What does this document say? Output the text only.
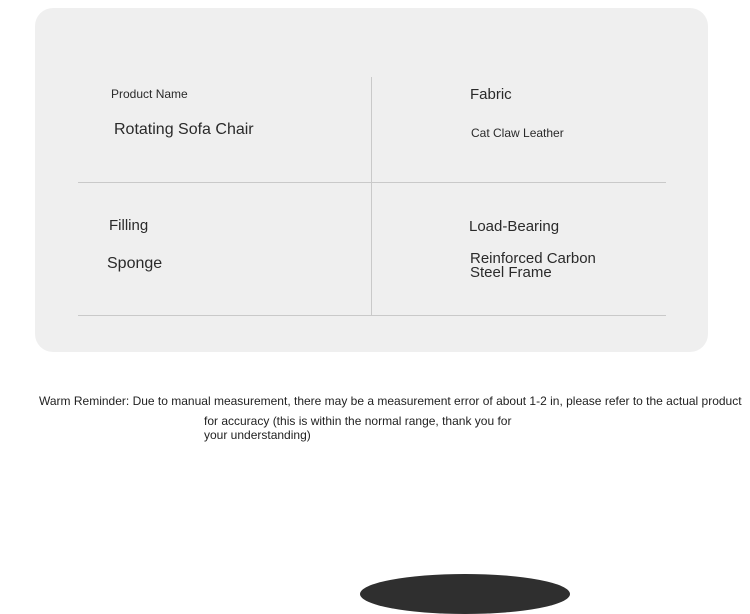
Product Name
Rotating Sofa Chair
Fabric
Cat Claw Leather
Filling
Sponge
Load-Bearing
Reinforced Carbon
Steel Frame
Warm Reminder: Due to manual measurement, there may be a measurement error of about 1-2 in, please refer to the actual product
for accuracy (this is within the normal range, thank you for
your understanding)
